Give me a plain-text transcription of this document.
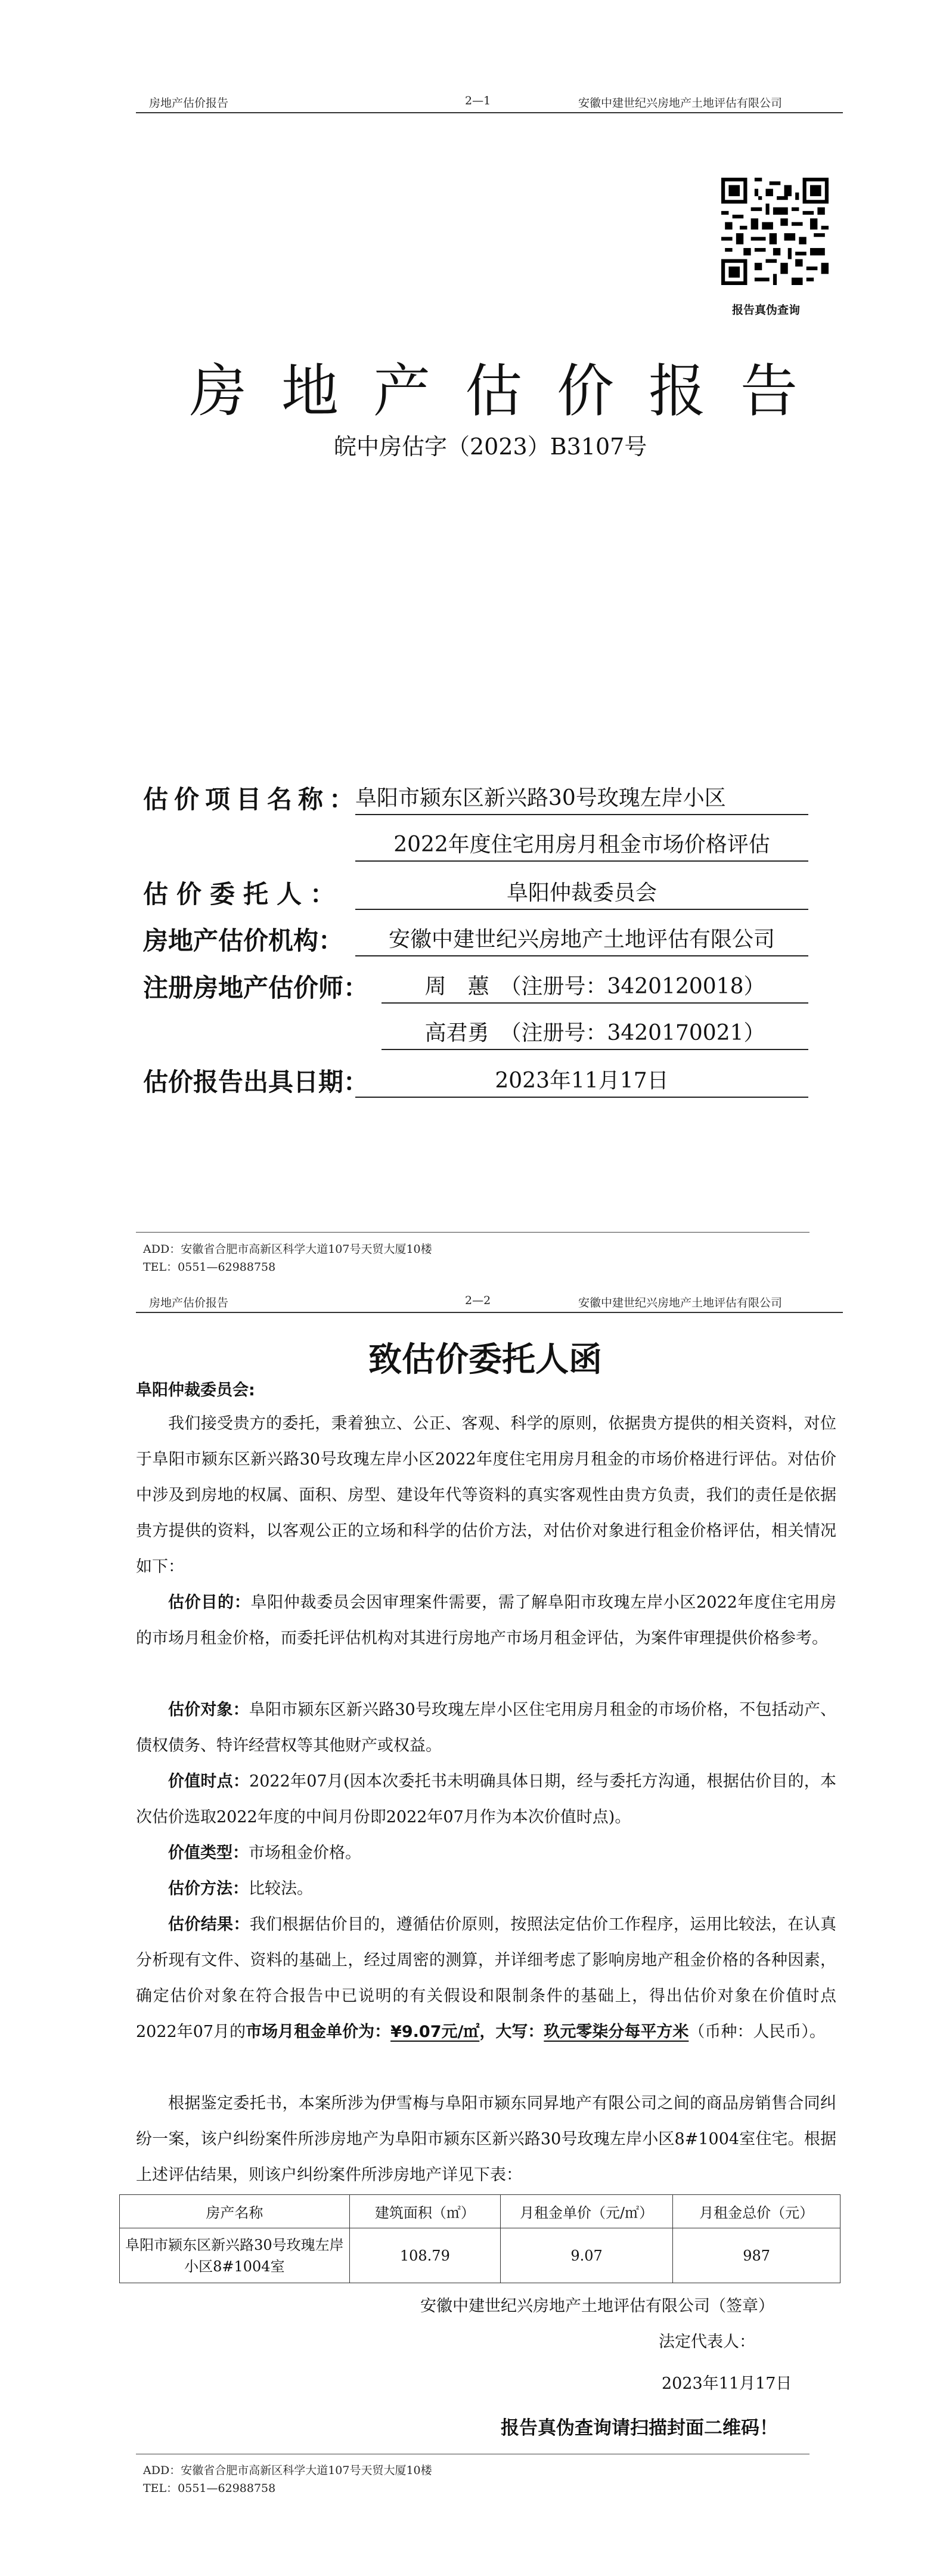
房地产估价报告	2—1	安徽中建世纪兴房地产土地评估有限公司
报告真伪查询
房地产估价报告
皖中房估字（2023）B3107号
估价项目名称：
阜阳市颍东区新兴路30号玫瑰左岸小区
2022年度住宅用房月租金市场价格评估
估价委托人：	阜阳仲裁委员会
房地产估价机构：	安徽中建世纪兴房地产土地评估有限公司
注册房地产估价师：	周　蕙　（注册号：3420120018）
高君勇　（注册号：3420170021）
估价报告出具日期：	2023年11月17日
ADD：安徽省合肥市高新区科学大道107号天贸大厦10楼
TEL：0551—62988758
房地产估价报告	2—2	安徽中建世纪兴房地产土地评估有限公司
致估价委托人函
阜阳仲裁委员会:
我们接受贵方的委托，秉着独立、公正、客观、科学的原则，依据贵方提供的相关资料，对位于阜阳市颍东区新兴路30号玫瑰左岸小区2022年度住宅用房月租金的市场价格进行评估。对估价中涉及到房地的权属、面积、房型、建设年代等资料的真实客观性由贵方负责，我们的责任是依据贵方提供的资料，以客观公正的立场和科学的估价方法，对估价对象进行租金价格评估，相关情况如下：
估价目的：阜阳仲裁委员会因审理案件需要，需了解阜阳市玫瑰左岸小区2022年度住宅用房的市场月租金价格，而委托评估机构对其进行房地产市场月租金评估，为案件审理提供价格参考。
估价对象：阜阳市颍东区新兴路30号玫瑰左岸小区住宅用房月租金的市场价格，不包括动产、债权债务、特许经营权等其他财产或权益。
价值时点：2022年07月(因本次委托书未明确具体日期，经与委托方沟通，根据估价目的，本次估价选取2022年度的中间月份即2022年07月作为本次价值时点)。
价值类型：市场租金价格。
估价方法：比较法。
估价结果：我们根据估价目的，遵循估价原则，按照法定估价工作程序，运用比较法，在认真分析现有文件、资料的基础上，经过周密的测算，并详细考虑了影响房地产租金价格的各种因素，确定估价对象在符合报告中已说明的有关假设和限制条件的基础上，得出估价对象在价值时点2022年07月的市场月租金单价为：¥9.07元/㎡，大写：玖元零柒分每平方米（币种：人民币）。
根据鉴定委托书，本案所涉为伊雪梅与阜阳市颍东同昇地产有限公司之间的商品房销售合同纠纷一案，该户纠纷案件所涉房地产为阜阳市颍东区新兴路30号玫瑰左岸小区8#1004室住宅。根据上述评估结果，则该户纠纷案件所涉房地产详见下表：
房产名称	建筑面积（㎡）	月租金单价（元/㎡）	月租金总价（元）
阜阳市颍东区新兴路30号玫瑰左岸小区8#1004室	108.79	9.07	987
安徽中建世纪兴房地产土地评估有限公司（签章）
法定代表人：
2023年11月17日
报告真伪查询请扫描封面二维码！
ADD：安徽省合肥市高新区科学大道107号天贸大厦10楼
TEL：0551—62988758
